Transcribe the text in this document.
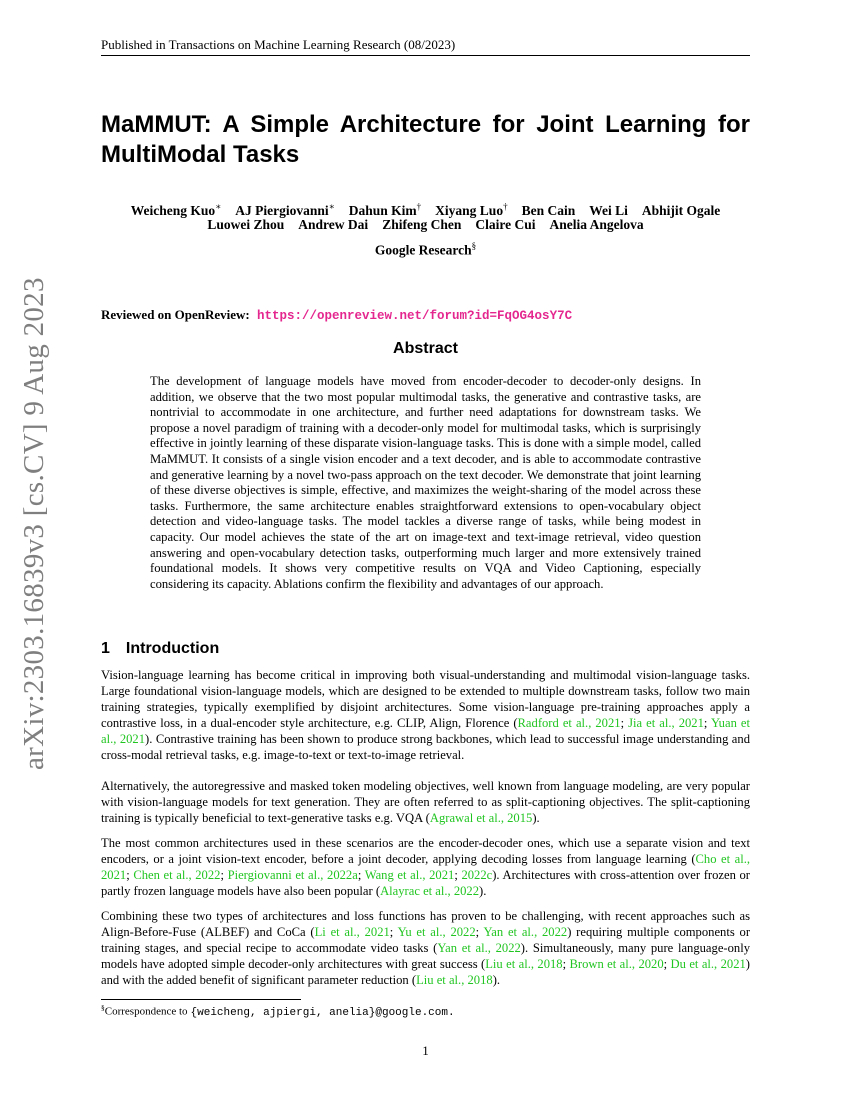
arXiv:2303.16839v3 [cs.CV] 9 Aug 2023
Published in Transactions on Machine Learning Research (08/2023)
MaMMUT: A Simple Architecture for Joint Learning for MultiModal Tasks
Weicheng Kuo∗ AJ Piergiovanni∗ Dahun Kim† Xiyang Luo† Ben Cain Wei Li Abhijit Ogale
Luowei Zhou Andrew Dai Zhifeng Chen Claire Cui Anelia Angelova
Google Research§
Reviewed on OpenReview: https://openreview.net/forum?id=FqOG4osY7C
Abstract
The development of language models have moved from encoder-decoder to decoder-only designs. In addition, we observe that the two most popular multimodal tasks, the generative and contrastive tasks, are nontrivial to accommodate in one architecture, and further need adaptations for downstream tasks. We propose a novel paradigm of training with a decoder-only model for multimodal tasks, which is surprisingly effective in jointly learning of these disparate vision-language tasks. This is done with a simple model, called MaMMUT. It consists of a single vision encoder and a text decoder, and is able to accommodate contrastive and generative learning by a novel two-pass approach on the text decoder. We demonstrate that joint learning of these diverse objectives is simple, effective, and maximizes the weight-sharing of the model across these tasks. Furthermore, the same architecture enables straightforward extensions to open-vocabulary object detection and video-language tasks. The model tackles a diverse range of tasks, while being modest in capacity. Our model achieves the state of the art on image-text and text-image retrieval, video question answering and open-vocabulary detection tasks, outperforming much larger and more extensively trained foundational models. It shows very competitive results on VQA and Video Captioning, especially considering its capacity. Ablations confirm the flexibility and advantages of our approach.
1 Introduction
Vision-language learning has become critical in improving both visual-understanding and multimodal vision-language tasks. Large foundational vision-language models, which are designed to be extended to multiple downstream tasks, follow two main training strategies, typically exemplified by disjoint architectures. Some vision-language pre-training approaches apply a contrastive loss, in a dual-encoder style architecture, e.g. CLIP, Align, Florence (Radford et al., 2021; Jia et al., 2021; Yuan et al., 2021). Contrastive training has been shown to produce strong backbones, which lead to successful image understanding and cross-modal retrieval tasks, e.g. image-to-text or text-to-image retrieval.
Alternatively, the autoregressive and masked token modeling objectives, well known from language modeling, are very popular with vision-language models for text generation. They are often referred to as split-captioning objectives. The split-captioning training is typically beneficial to text-generative tasks e.g. VQA (Agrawal et al., 2015).
The most common architectures used in these scenarios are the encoder-decoder ones, which use a separate vision and text encoders, or a joint vision-text encoder, before a joint decoder, applying decoding losses from language learning (Cho et al., 2021; Chen et al., 2022; Piergiovanni et al., 2022a; Wang et al., 2021; 2022c). Architectures with cross-attention over frozen or partly frozen language models have also been popular (Alayrac et al., 2022).
Combining these two types of architectures and loss functions has proven to be challenging, with recent approaches such as Align-Before-Fuse (ALBEF) and CoCa (Li et al., 2021; Yu et al., 2022; Yan et al., 2022) requiring multiple components or training stages, and special recipe to accommodate video tasks (Yan et al., 2022). Simultaneously, many pure language-only models have adopted simple decoder-only architectures with great success (Liu et al., 2018; Brown et al., 2020; Du et al., 2021) and with the added benefit of significant parameter reduction (Liu et al., 2018).
§Correspondence to {weicheng, ajpiergi, anelia}@google.com.
1
